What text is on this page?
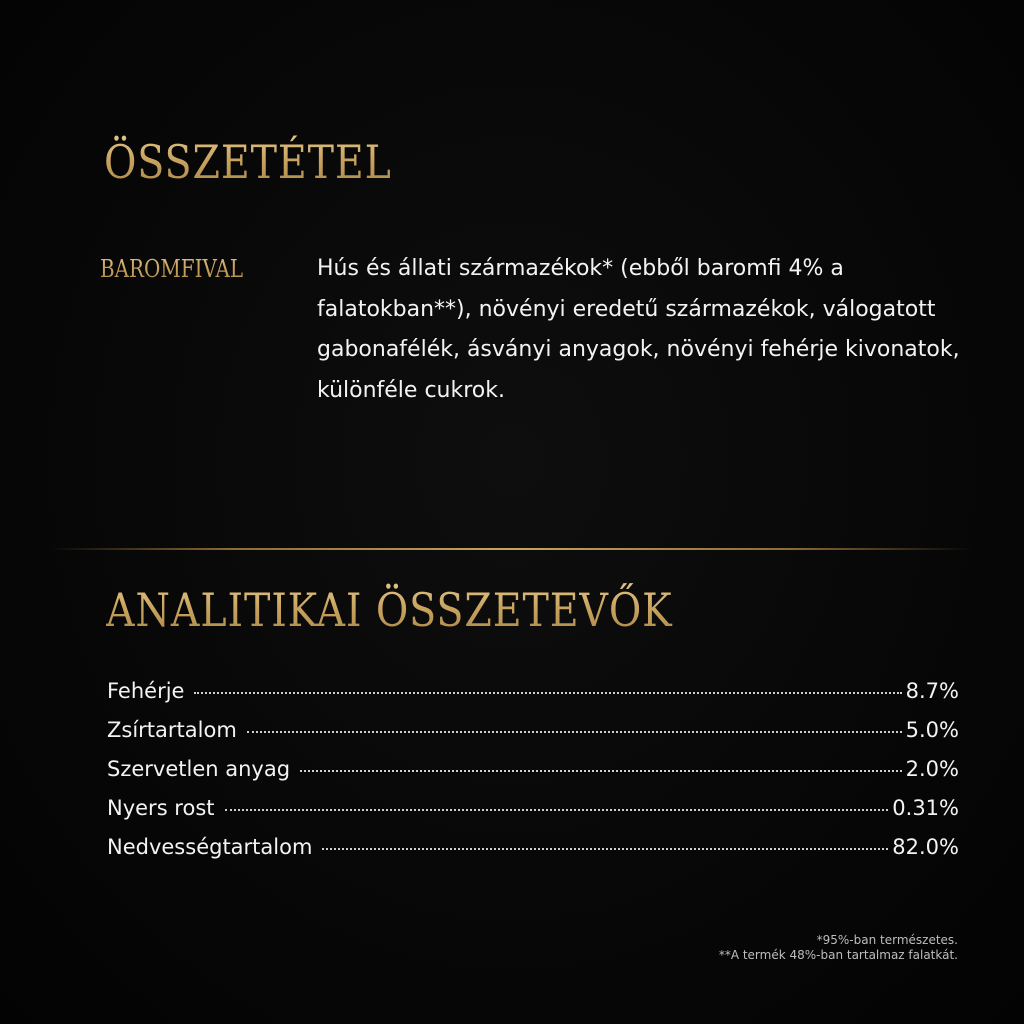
ÖSSZETÉTEL
BAROMFIVAL	Hús és állati származékok* (ebből baromfi 4% a falatokban**), növényi eredetű származékok, válogatott gabonafélék, ásványi anyagok, növényi fehérje kivonatok, különféle cukrok.

ANALITIKAI ÖSSZETEVŐK
Fehérje	8.7%
Zsírtartalom	5.0%
Szervetlen anyag	2.0%
Nyers rost	0.31%
Nedvességtartalom	82.0%
*95%-ban természetes.
**A termék 48%-ban tartalmaz falatkát.
